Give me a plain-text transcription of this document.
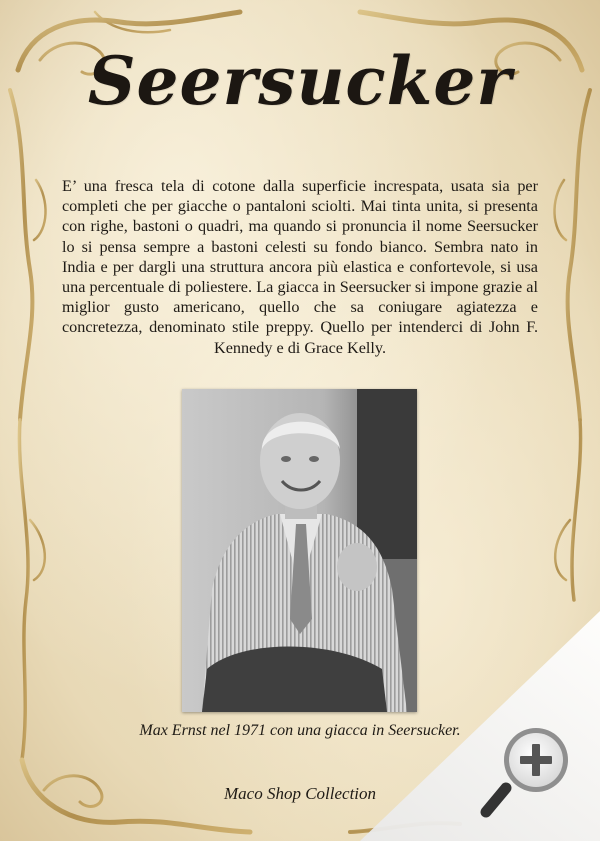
Seersucker

E’ una fresca tela di cotone dalla superficie increspata, usata sia per completi che per giacche o pantaloni sciolti. Mai tinta unita, si presenta con righe, bastoni o quadri, ma quando si pronuncia il nome Seersucker lo si pensa sempre a bastoni celesti su fondo bianco. Sembra nato in India e per dargli una struttura ancora più elastica e confortevole, si usa una percentuale di poliestere. La giacca in Seersucker si impone grazie al miglior gusto americano, quello che sa coniugare agiatezza e concretezza, denominato stile preppy. Quello per intenderci di John F. Kennedy e di Grace Kelly.

Max Ernst nel 1971 con una giacca in Seersucker.

Maco Shop Collection
